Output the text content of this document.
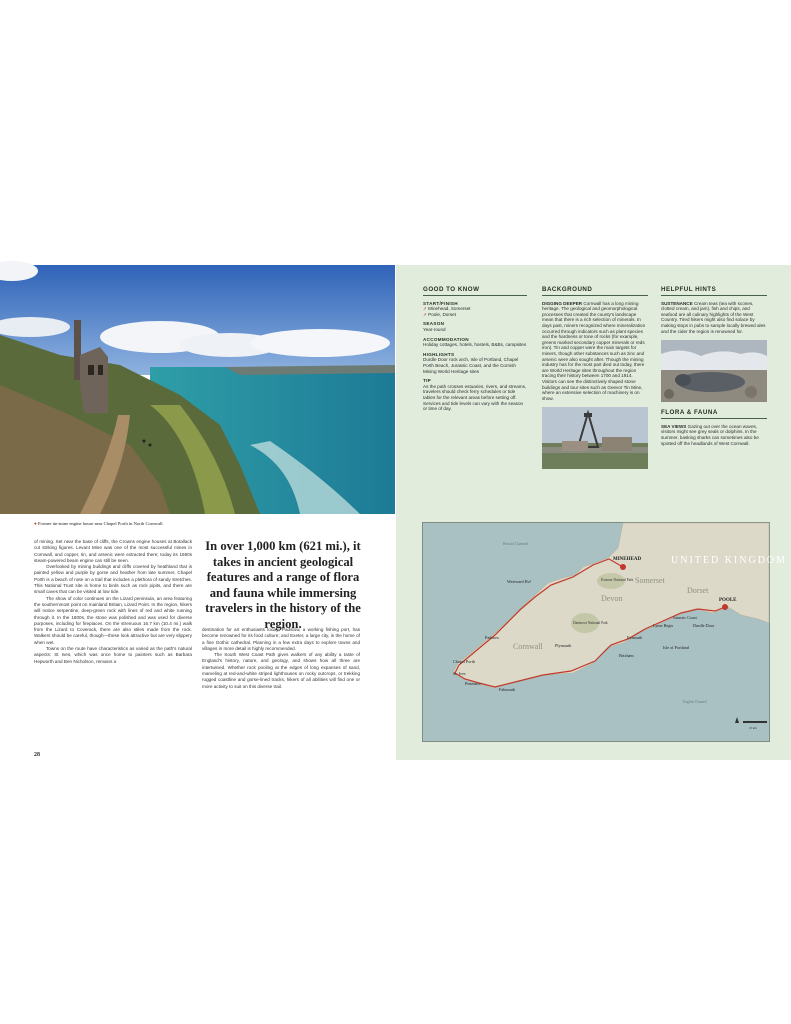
● Former tin-mine engine house near Chapel Porth in North Cornwall.

of mining. Set near the base of cliffs, the Crowns engine houses at Botallack cut striking figures. Levant Mine was one of the most successful mines in Cornwall, and copper, tin, and arsenic were extracted there; today its 1860s steam-powered beam engine can still be seen.

Overlooked by mining buildings and cliffs covered by heathland that is painted yellow and purple by gorse and heather from late summer, Chapel Porth is a beach of note on a trail that includes a plethora of sandy stretches. This National Trust site is home to birds such as rock pipits, and there are small caves that can be visited at low tide.

The show of color continues on the Lizard peninsula, an area featuring the southernmost point on mainland Britain, Lizard Point. In the region, hikers will notice serpentine, deep-green rock with lines of red and white running through it. In the 1800s, the stone was polished and was used for diverse purposes, including for fireplaces. On the strenuous 16.7 km (10.4 mi.) walk from the Lizard to Coverack, there are also stiles made from the rock. Walkers should be careful, though—these look attractive but are very slippery when wet.

Towns on the route have characteristics as varied as the path's natural aspects: St Ives, which was once home to painters such as Barbara Hepworth and Ben Nicholson, remains a

In over 1,000 km (621 mi.), it takes in ancient geological features and a range of flora and fauna while immersing travelers in the history of the region.

destination for art enthusiasts today; Padstow, a working fishing port, has become renowned for its food culture; and Exeter, a large city, is the home of a fine Gothic cathedral. Planning in a few extra days to explore towns and villages in more detail is highly recommended.

The South West Coast Path gives walkers of any ability a taste of England's history, nature, and geology, and shows how all three are intertwined. Whether rock pooling at the edges of long expanses of sand, marveling at red-and-white striped lighthouses on rocky outcrops, or trekking rugged coastline and gorse-lined tracks, hikers of all abilities will find one or more activity to suit on this diverse trail.

28
GOOD TO KNOW
START/FINISH
➚ Minehead, Somerset
➚ Poole, Dorset
SEASON
Year-round
ACCOMMODATION
Holiday cottages, hotels, hostels, B&Bs, campsites
HIGHLIGHTS
Durdle Door rock arch, Isle of Portland, Chapel Porth Beach, Jurassic Coast, and the Cornish Mining World Heritage sites
TIP
As the path crosses estuaries, rivers, and streams, travelers should check ferry schedules or tide tables for the relevant areas before setting off. Services and tide levels can vary with the season or time of day.
BACKGROUND
DIGGING DEEPER Cornwall has a long mining heritage. The geological and geomorphological processes that created the county's landscape mean that there is a rich selection of minerals. In days past, miners recognized where mineralization occurred through indicators such as plant species and the hardness or tone of rocks (for example, greens marked secondary copper minerals or reds iron). Tin and copper were the main targets for miners, though other substances such as zinc and arsenic were also sought after. Though the mining industry has for the most part died out today, there are World Heritage sites throughout the region tracing their history between 1700 and 1914. Visitors can see the distinctively shaped stone buildings and tour sites such as Geevor Tin Mine, where an extensive selection of machinery is on show.
HELPFUL HINTS
SUSTENANCE Cream teas (tea with scones, clotted cream, and jam), fish and chips, and seafood are all culinary highlights of the West Country. Tired hikers might also find solace by making stops in pubs to sample locally brewed ales and the cider the region is renowned for.
FLORA & FAUNA
SEA VIEWS Gazing out over the ocean waves, visitors might see grey seals or dolphins. In the summer, basking sharks can sometimes also be spotted off the headlands of West Cornwall.
Bristol Channel
UNITED KINGDOM
MINEHEAD
POOLE
Exmoor National Park
Dartmoor National Park
Devon
Somerset
Dorset
Cornwall
Westward Ho!
Padstow
Plymouth
Exmouth
Lyme Regis
Jurassic Coast
Durdle Door
Isle of Portland
Brixham
Chapel Porth
St. Ives
Penzance
Falmouth
English Channel
25 km
